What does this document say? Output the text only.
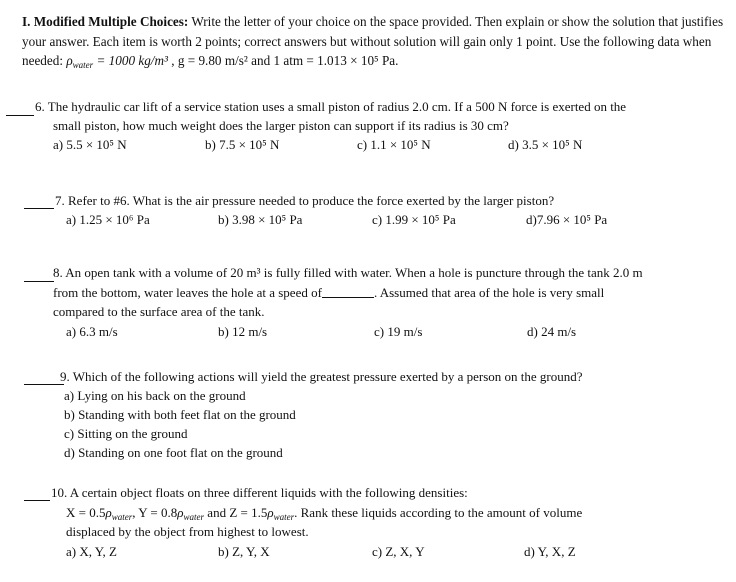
I. Modified Multiple Choices: Write the letter of your choice on the space provided. Then explain or show the solution that justifies your answer. Each item is worth 2 points; correct answers but without solution will gain only 1 point. Use the following data when needed: $\rho_{water} = 1000$ kg/m³ , g = 9.80 m/s² and 1 atm = 1.013 × 10⁵ Pa.
6. The hydraulic car lift of a service station uses a small piston of radius 2.0 cm. If a 500 N force is exerted on the
small piston, how much weight does the larger piston can support if its radius is 30 cm?
a) 5.5 × 10⁵ N	b) 7.5 × 10⁵ N	c) 1.1 × 10⁵ N	d) 3.5 × 10⁵ N
7. Refer to #6. What is the air pressure needed to produce the force exerted by the larger piston?
a) 1.25 × 10⁶ Pa	b) 3.98 × 10⁵ Pa	c) 1.99 × 10⁵ Pa	d)7.96 × 10⁵ Pa
8. An open tank with a volume of 20 m³ is fully filled with water. When a hole is puncture through the tank 2.0 m
from the bottom, water leaves the hole at a speed of	. Assumed that area of the hole is very small
compared to the surface area of the tank.
a) 6.3 m/s	b) 12 m/s	c) 19 m/s	d) 24 m/s
9. Which of the following actions will yield the greatest pressure exerted by a person on the ground?
a) Lying on his back on the ground
b) Standing with both feet flat on the ground
c) Sitting on the ground
d) Standing on one foot flat on the ground
10. A certain object floats on three different liquids with the following densities:
$X = 0.5\rho_{water}$, $Y = 0.8\rho_{water}$ and $Z = 1.5\rho_{water}$. Rank these liquids according to the amount of volume
displaced by the object from highest to lowest.
a) X, Y, Z	b) Z, Y, X	c) Z, X, Y	d) Y, X, Z
